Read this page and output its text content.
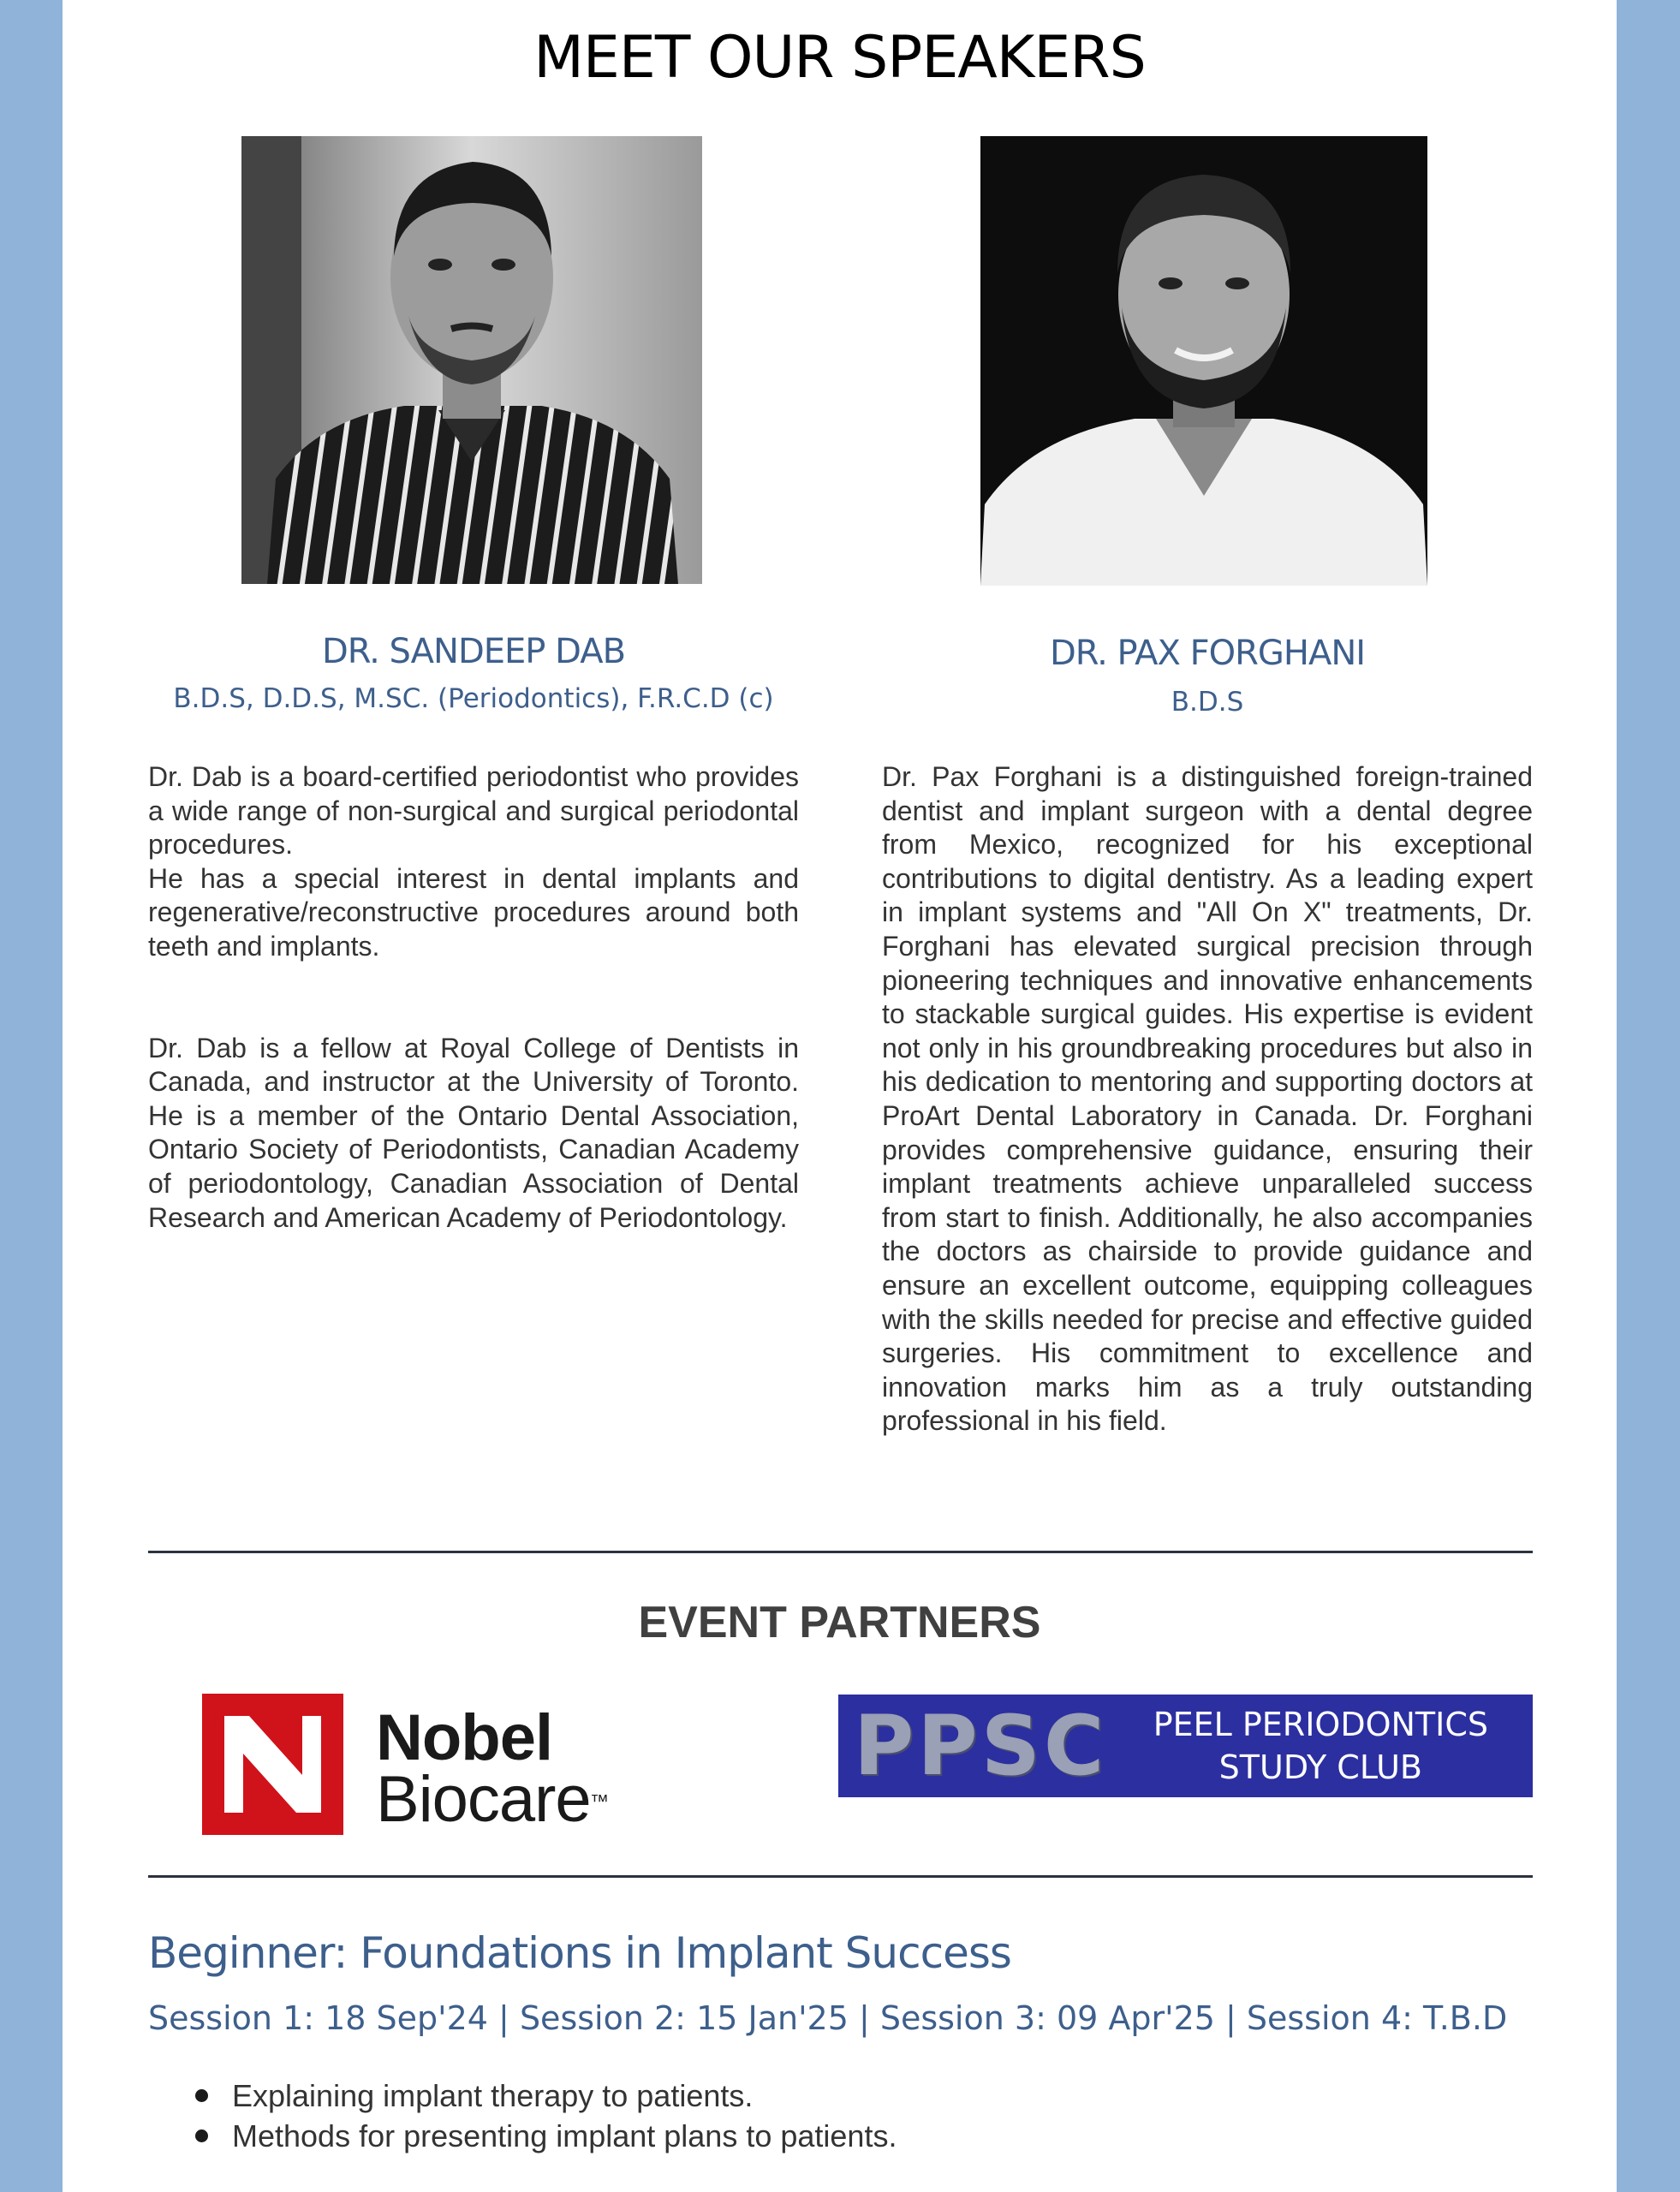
MEET OUR SPEAKERS
DR. SANDEEP DAB
B.D.S, D.D.S, M.SC. (Periodontics), F.R.C.D (c)

Dr. Dab is a board-certified periodontist who provides a wide range of non-surgical and surgical periodontal procedures.

He has a special interest in dental implants and regenerative/reconstructive procedures around both teeth and implants.

Dr. Dab is a fellow at Royal College of Dentists in Canada, and instructor at the University of Toronto. He is a member of the Ontario Dental Association, Ontario Society of Periodontists, Canadian Academy of periodontology, Canadian Association of Dental Research and American Academy of Periodontology.

DR. PAX FORGHANI
B.D.S

Dr. Pax Forghani is a distinguished foreign-trained dentist and implant surgeon with a dental degree from Mexico, recognized for his exceptional contributions to digital dentistry. As a leading expert in implant systems and "All On X" treatments, Dr. Forghani has elevated surgical precision through pioneering techniques and innovative enhancements to stackable surgical guides. His expertise is evident not only in his groundbreaking procedures but also in his dedication to mentoring and supporting doctors at ProArt Dental Laboratory in Canada. Dr. Forghani provides comprehensive guidance, ensuring their implant treatments achieve unparalleled success from start to finish. Additionally, he also accompanies the doctors as chairside to provide guidance and ensure an excellent outcome, equipping colleagues with the skills needed for precise and effective guided surgeries. His commitment to excellence and innovation marks him as a truly outstanding professional in his field.

EVENT PARTNERS
Nobel
Biocare ™
PPSC PEEL PERIODONTICS
STUDY CLUB
Beginner: Foundations in Implant Success
Session 1: 18 Sep'24 | Session 2: 15 Jan'25 | Session 3: 09 Apr'25 | Session 4: T.B.D
Explaining implant therapy to patients.
Methods for presenting implant plans to patients.
